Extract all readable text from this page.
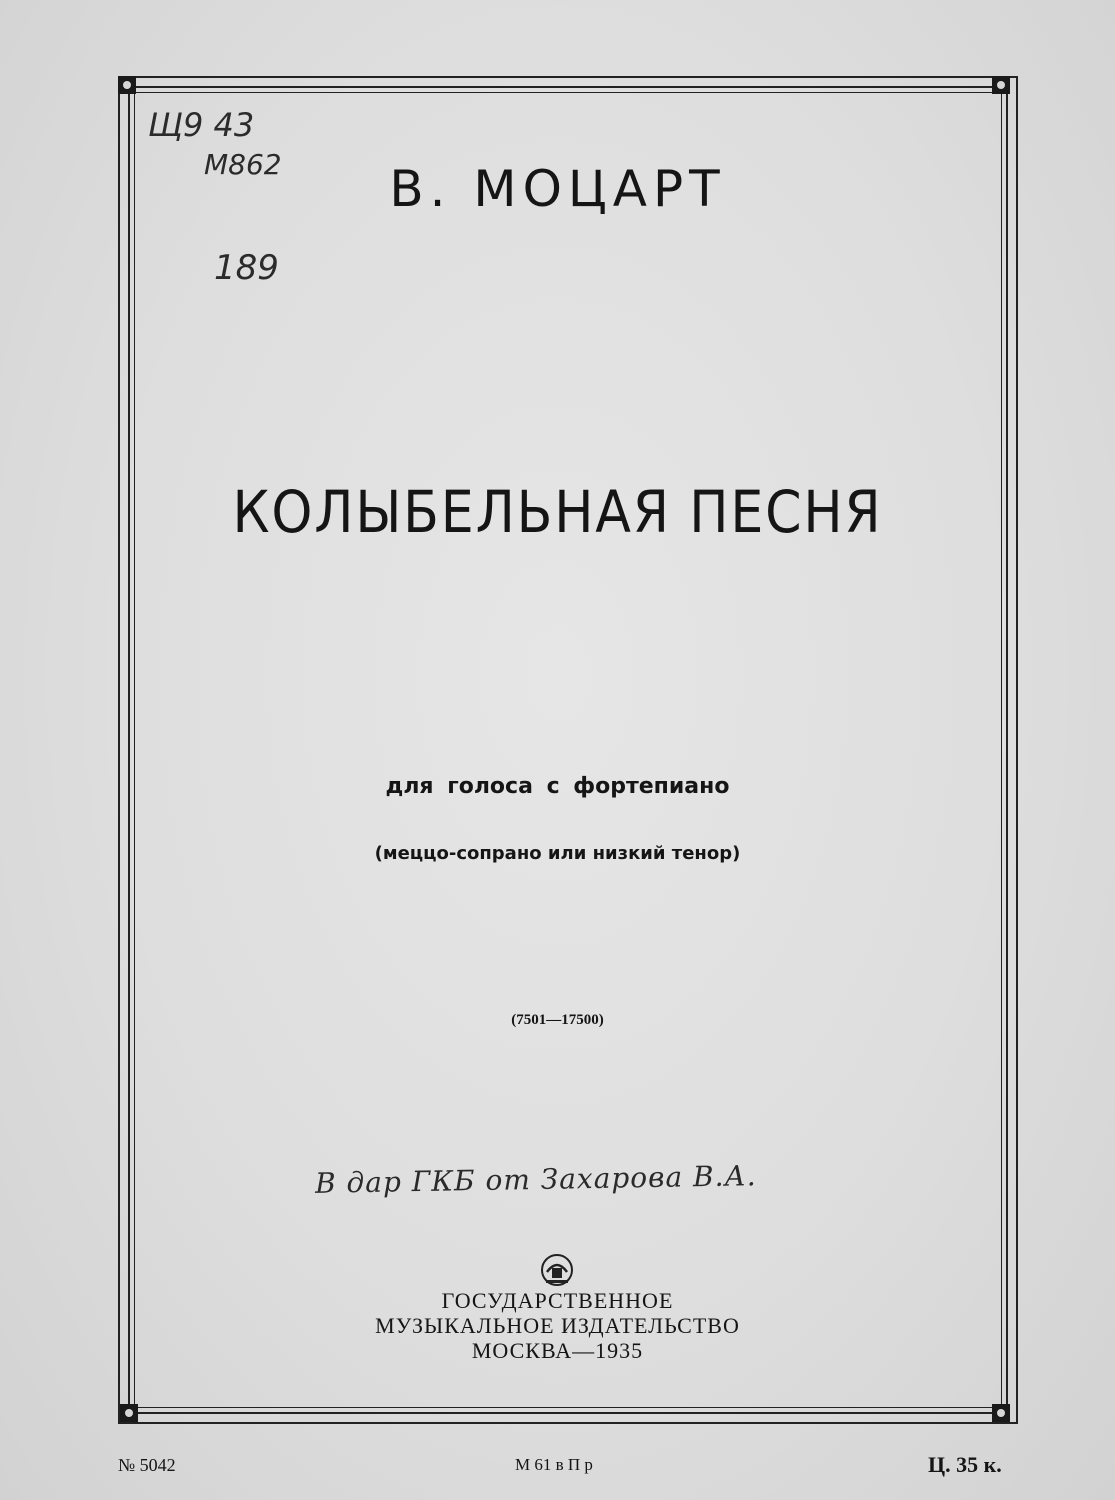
Щ9 43
M862
189
В. МОЦАРТ
КОЛЫБЕЛЬНАЯ ПЕСНЯ
для голоса с фортепиано
(меццо-сопрано или низкий тенор)
(7501—17500)
В дар ГКБ от Захарова В.А.
ГОСУДАРСТВЕННОЕ
МУЗЫКАЛЬНОЕ ИЗДАТЕЛЬСТВО
МОСКВА—1935
№ 5042	М 61 в П р	Ц. 35 к.
